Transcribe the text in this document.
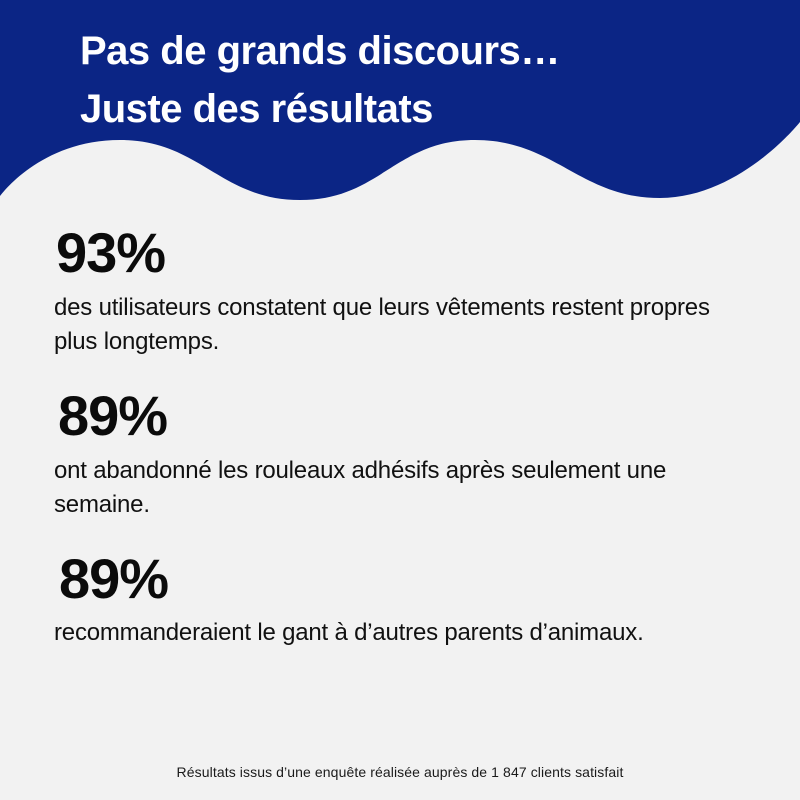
Pas de grands discours…
Juste des résultats

93%

des utilisateurs constatent que leurs vêtements restent propres plus longtemps.

89%

ont abandonné les rouleaux adhésifs après seulement une semaine.

89%

recommanderaient le gant à d’autres parents d’animaux.

Résultats issus d’une enquête réalisée auprès de 1 847 clients satisfait
